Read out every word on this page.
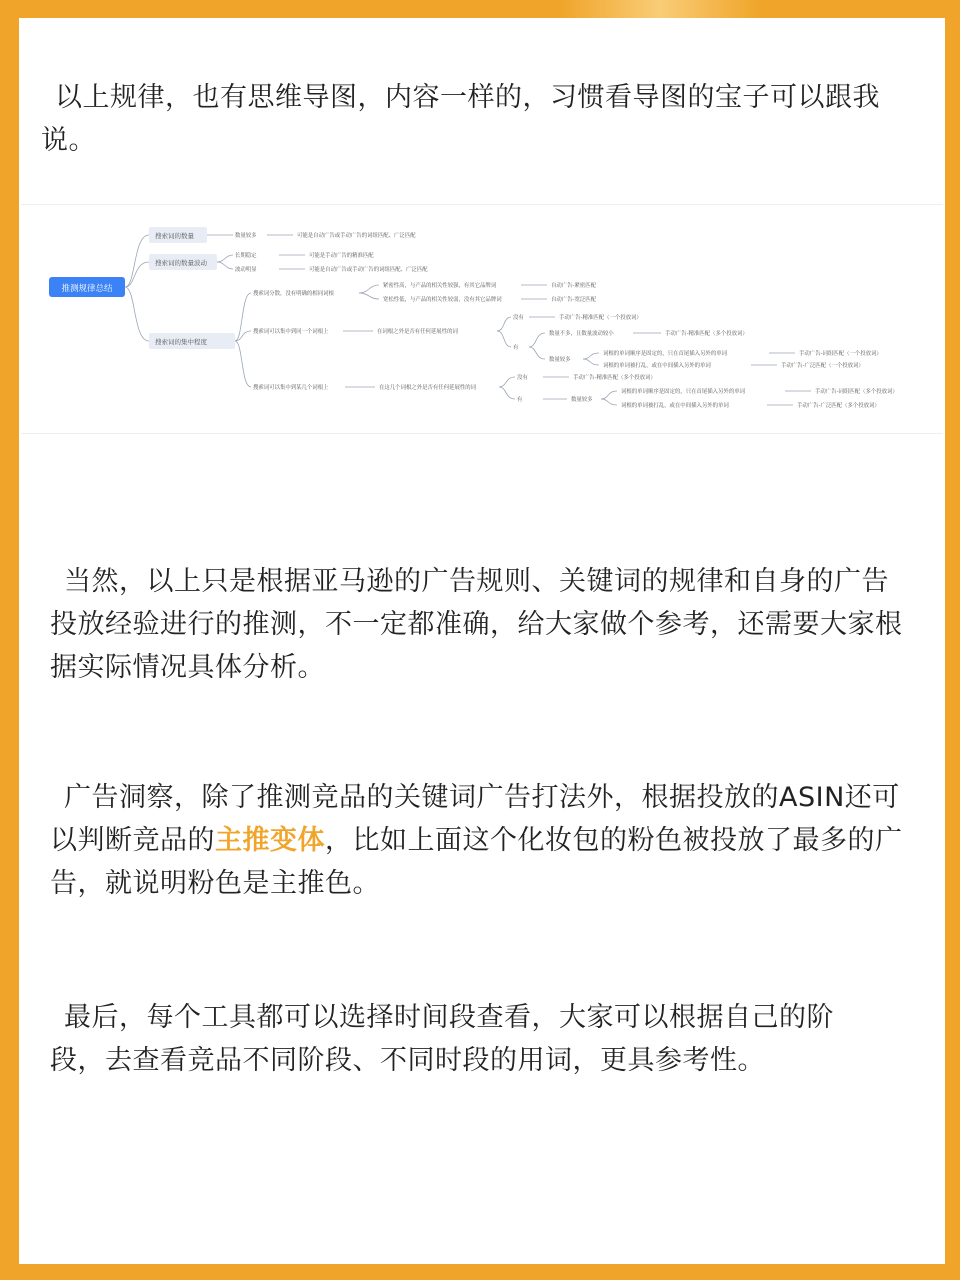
以上规律，也有思维导图，内容一样的，习惯看导图的宝子可以跟我说。

推测规律总结
搜索词的数量
搜索词的数量波动
搜索词的集中程度
数量较多	可能是自动广告或手动广告的词组匹配、广泛匹配
长期稳定	可能是手动广告的精准匹配
波动明显	可能是自动广告或手动广告的词组匹配、广泛匹配
搜索词分散，没有明确的相同词根
紧密性高，与产品的相关性较强，有其它品牌词	自动广告-紧密匹配
宽松性低，与产品的相关性较弱，没有其它品牌词	自动广告-宽泛匹配
搜索词可以集中到同一个词根上	在词根之外是否有任何延展性的词
没有	手动广告-精准匹配（一个投放词）
有
数量不多，且数量波动较小	手动广告-精准匹配（多个投放词）
数量较多
词根的单词顺序是固定的，只在首尾插入另外的单词	手动广告-词组匹配（一个投放词）
词根的单词被打乱，或在中间插入另外的单词	手动广告-广泛匹配（一个投放词）
搜索词可以集中到某几个词根上	在这几个词根之外是否有任何延展性的词
没有	手动广告-精准匹配（多个投放词）
有	数量较多
词根的单词顺序是固定的，只在首尾插入另外的单词	手动广告-词组匹配（多个投放词）
词根的单词被打乱，或在中间插入另外的单词	手动广告-广泛匹配（多个投放词）

当然，以上只是根据亚马逊的广告规则、关键词的规律和自身的广告投放经验进行的推测，不一定都准确，给大家做个参考，还需要大家根据实际情况具体分析。

广告洞察，除了推测竞品的关键词广告打法外，根据投放的ASIN还可以判断竞品的主推变体，比如上面这个化妆包的粉色被投放了最多的广告，就说明粉色是主推色。

最后，每个工具都可以选择时间段查看，大家可以根据自己的阶段，去查看竞品不同阶段、不同时段的用词，更具参考性。
